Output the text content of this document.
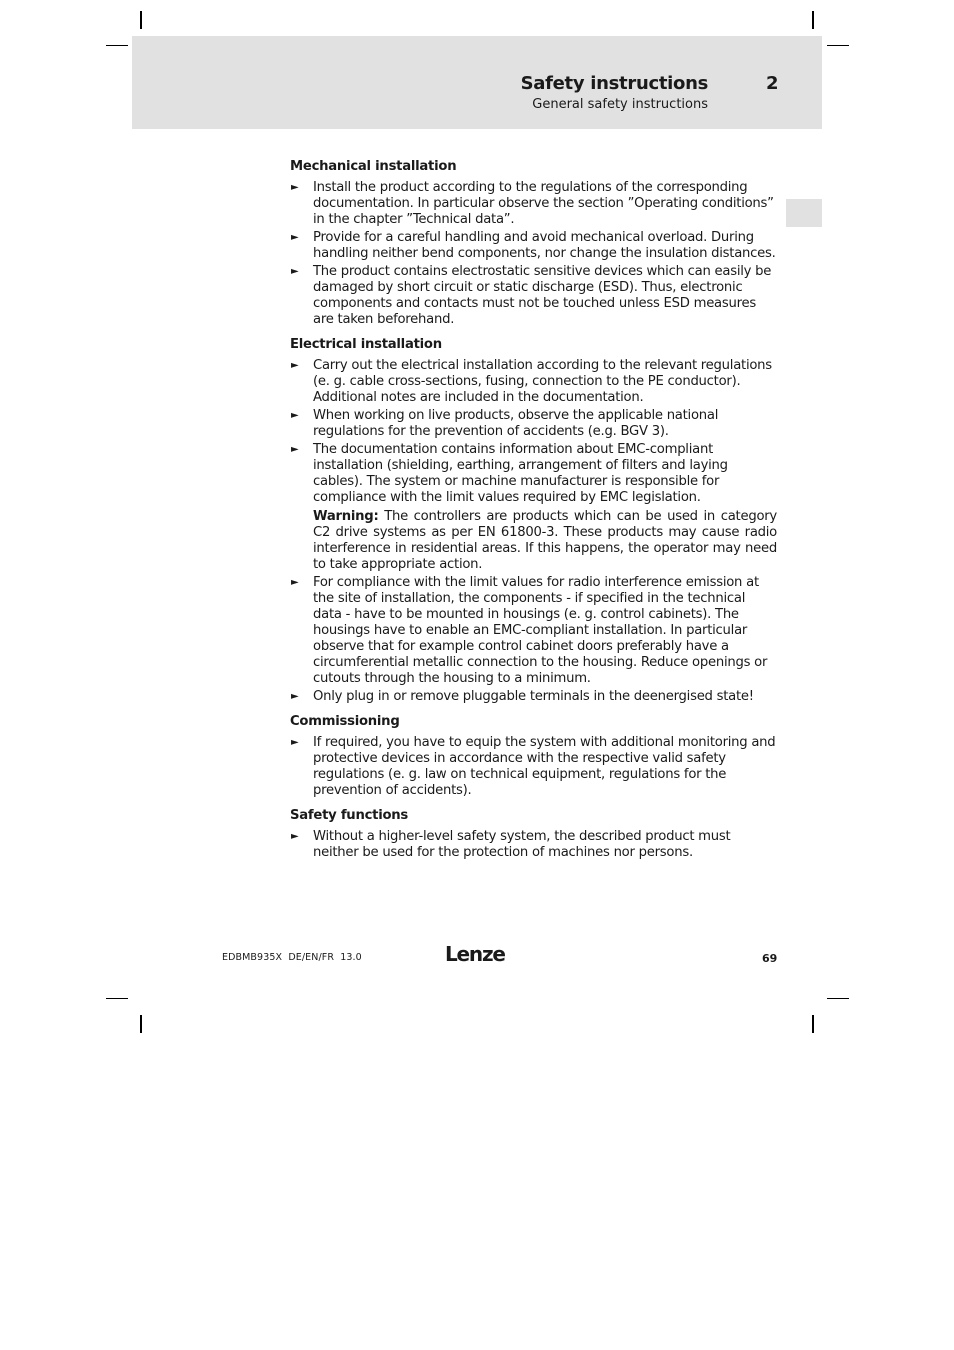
Safety instructions	2
General safety instructions
Mechanical installation
► Install the product according to the regulations of the corresponding documentation. In particular observe the section ”Operating conditions” in the chapter ”Technical data”.
► Provide for a careful handling and avoid mechanical overload. During handling neither bend components, nor change the insulation distances.
► The product contains electrostatic sensitive devices which can easily be damaged by short circuit or static discharge (ESD). Thus, electronic components and contacts must not be touched unless ESD measures are taken beforehand.
Electrical installation
► Carry out the electrical installation according to the relevant regulations (e. g. cable cross-sections, fusing, connection to the PE conductor). Additional notes are included in the documentation.
► When working on live products, observe the applicable national regulations for the prevention of accidents (e.g. BGV 3).
► The documentation contains information about EMC-compliant installation (shielding, earthing, arrangement of filters and laying cables). The system or machine manufacturer is responsible for compliance with the limit values required by EMC legislation.
Warning: The controllers are products which can be used in category C2 drive systems as per EN 61800-3. These products may cause radio interference in residential areas. If this happens, the operator may need to take appropriate action.
► For compliance with the limit values for radio interference emission at the site of installation, the components - if specified in the technical data - have to be mounted in housings (e. g. control cabinets). The housings have to enable an EMC-compliant installation. In particular observe that for example control cabinet doors preferably have a circumferential metallic connection to the housing. Reduce openings or cutouts through the housing to a minimum.
► Only plug in or remove pluggable terminals in the deenergised state!
Commissioning
► If required, you have to equip the system with additional monitoring and protective devices in accordance with the respective valid safety regulations (e. g. law on technical equipment, regulations for the prevention of accidents).
Safety functions
► Without a higher-level safety system, the described product must neither be used for the protection of machines nor persons.
EDBMB935X  DE/EN/FR  13.0	Lenze	69
